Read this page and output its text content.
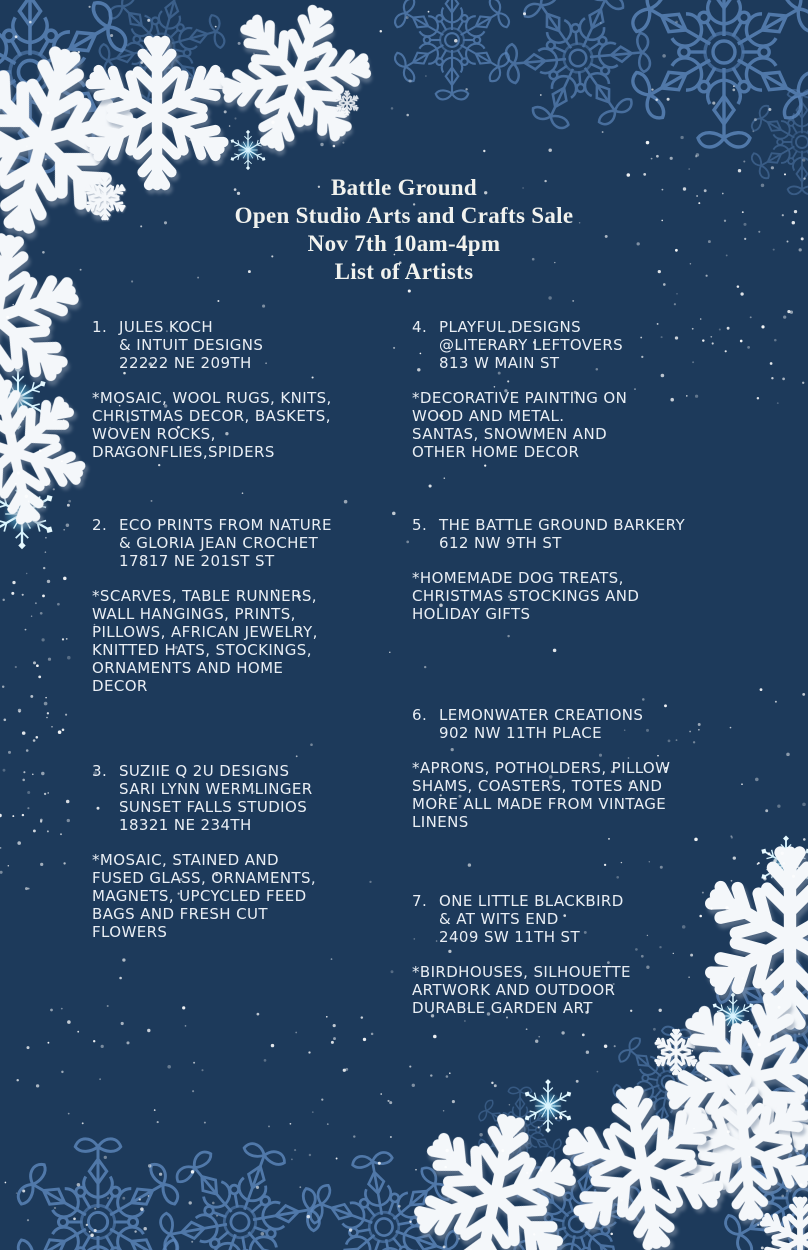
Battle Ground
Open Studio Arts and Crafts Sale
Nov 7th 10am-4pm
List of Artists
1. JULES KOCH
& INTUIT DESIGNS
22222 NE 209TH
*MOSAIC, WOOL RUGS, KNITS,
CHRISTMAS DECOR, BASKETS,
WOVEN ROCKS,
DRAGONFLIES,SPIDERS
2. ECO PRINTS FROM NATURE
& GLORIA JEAN CROCHET
17817 NE 201ST ST
*SCARVES, TABLE RUNNERS,
WALL HANGINGS, PRINTS,
PILLOWS, AFRICAN JEWELRY,
KNITTED HATS, STOCKINGS,
ORNAMENTS AND HOME
DECOR
3. SUZIIE Q 2U DESIGNS
SARI LYNN WERMLINGER
SUNSET FALLS STUDIOS
18321 NE 234TH
*MOSAIC, STAINED AND
FUSED GLASS, ORNAMENTS,
MAGNETS, UPCYCLED FEED
BAGS AND FRESH CUT
FLOWERS
4. PLAYFUL DESIGNS
@LITERARY LEFTOVERS
813 W MAIN ST
*DECORATIVE PAINTING ON
WOOD AND METAL.
SANTAS, SNOWMEN AND
OTHER HOME DECOR
5. THE BATTLE GROUND BARKERY
612 NW 9TH ST
*HOMEMADE DOG TREATS,
CHRISTMAS STOCKINGS AND
HOLIDAY GIFTS
6. LEMONWATER CREATIONS
902 NW 11TH PLACE
*APRONS, POTHOLDERS, PILLOW
SHAMS, COASTERS, TOTES AND
MORE ALL MADE FROM VINTAGE
LINENS
7. ONE LITTLE BLACKBIRD
& AT WITS END
2409 SW 11TH ST
*BIRDHOUSES, SILHOUETTE
ARTWORK AND OUTDOOR
DURABLE GARDEN ART
